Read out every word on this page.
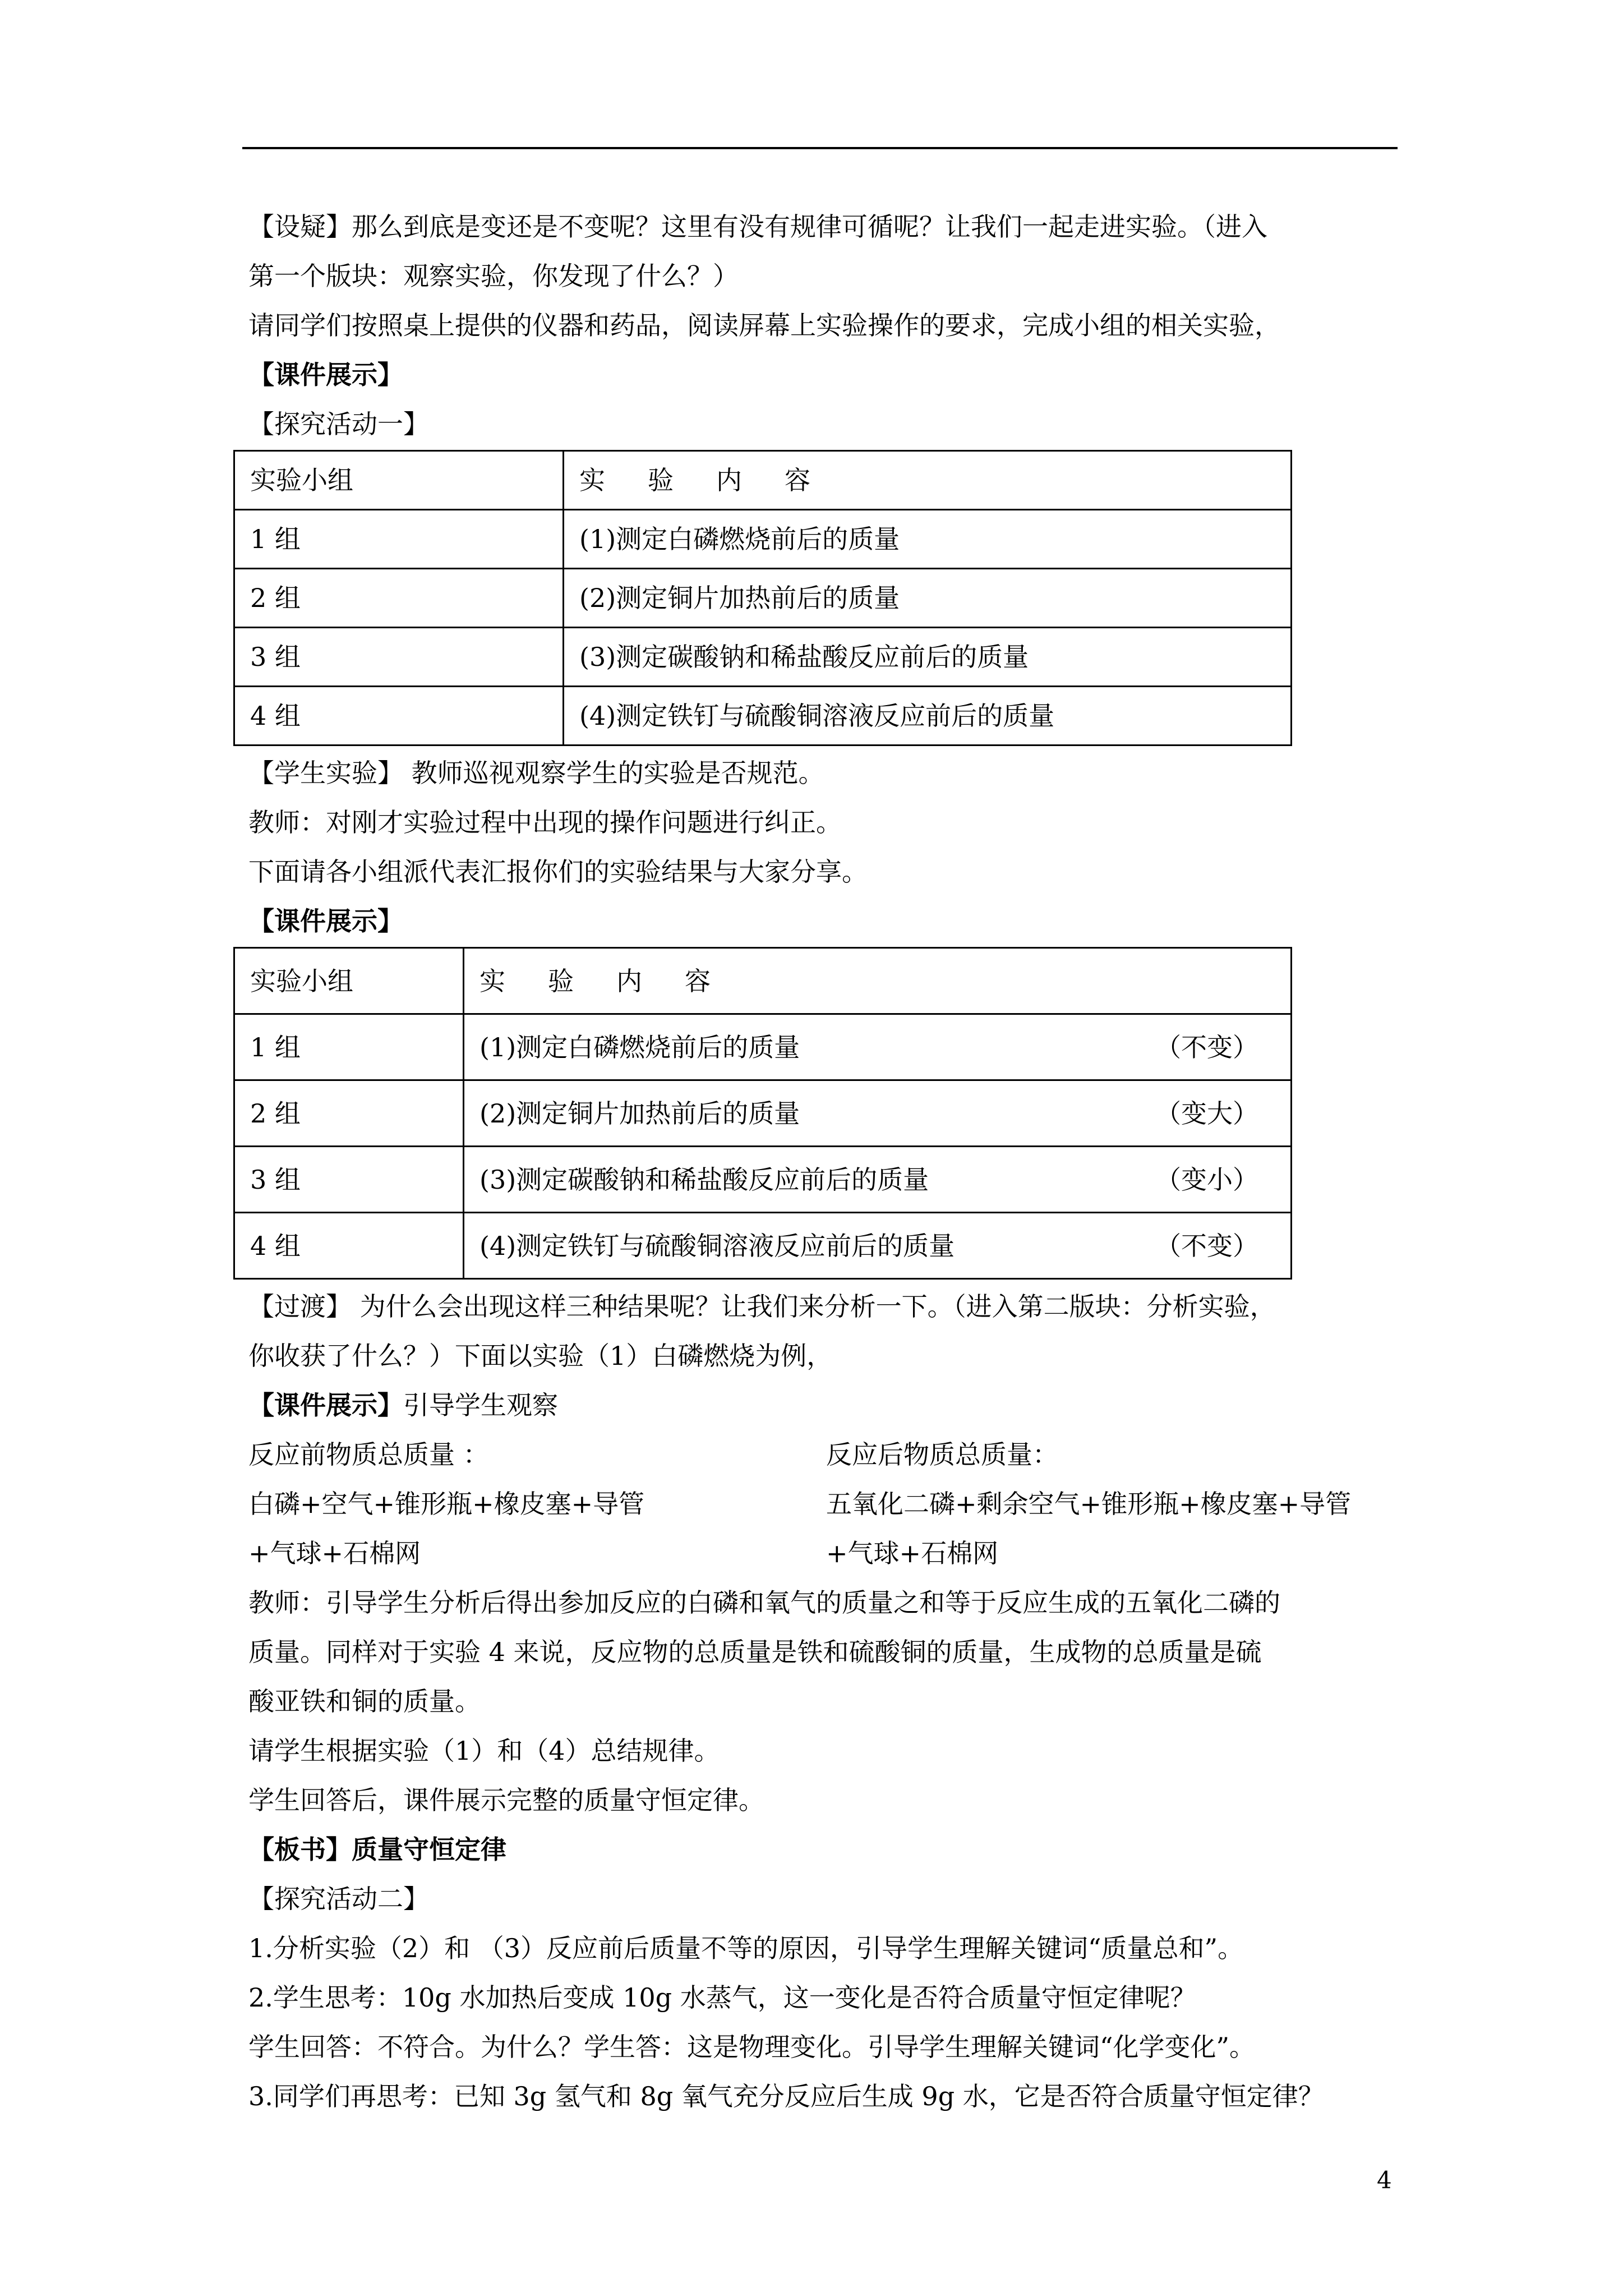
【设疑】那么到底是变还是不变呢？这里有没有规律可循呢？让我们一起走进实验。（进入
第一个版块：观察实验，你发现了什么？）
请同学们按照桌上提供的仪器和药品，阅读屏幕上实验操作的要求，完成小组的相关实验，
【课件展示】
【探究活动一】
实验小组	实验内容
1 组	(1)测定白磷燃烧前后的质量
2 组	(2)测定铜片加热前后的质量
3 组	(3)测定碳酸钠和稀盐酸反应前后的质量
4 组	(4)测定铁钉与硫酸铜溶液反应前后的质量
【学生实验】 教师巡视观察学生的实验是否规范。
教师：对刚才实验过程中出现的操作问题进行纠正。
下面请各小组派代表汇报你们的实验结果与大家分享。
【课件展示】
实验小组	实验内容
1 组	(1)测定白磷燃烧前后的质量 （不变）

2 组	(2)测定铜片加热前后的质量 （变大）

3 组	(3)测定碳酸钠和稀盐酸反应前后的质量 （变小）

4 组	(4)测定铁钉与硫酸铜溶液反应前后的质量 （不变）
【过渡】 为什么会出现这样三种结果呢？让我们来分析一下。（进入第二版块：分析实验，
你收获了什么？）下面以实验（1）白磷燃烧为例，
【课件展示】引导学生观察
反应前物质总质量 ：
白磷+空气+锥形瓶+橡皮塞+导管
+气球+石棉网
反应后物质总质量：
五氧化二磷+剩余空气+锥形瓶+橡皮塞+导管
+气球+石棉网
教师：引导学生分析后得出参加反应的白磷和氧气的质量之和等于反应生成的五氧化二磷的
质量。同样对于实验 4 来说，反应物的总质量是铁和硫酸铜的质量，生成物的总质量是硫
酸亚铁和铜的质量。
请学生根据实验（1）和（4）总结规律。
学生回答后，课件展示完整的质量守恒定律。
【板书】质量守恒定律
【探究活动二】
1.分析实验（2）和 （3）反应前后质量不等的原因，引导学生理解关键词“质量总和”。
2.学生思考：10g 水加热后变成 10g 水蒸气，这一变化是否符合质量守恒定律呢？
学生回答：不符合。为什么？学生答：这是物理变化。引导学生理解关键词“化学变化”。
3.同学们再思考：已知 3g 氢气和 8g 氧气充分反应后生成 9g 水，它是否符合质量守恒定律？
4
